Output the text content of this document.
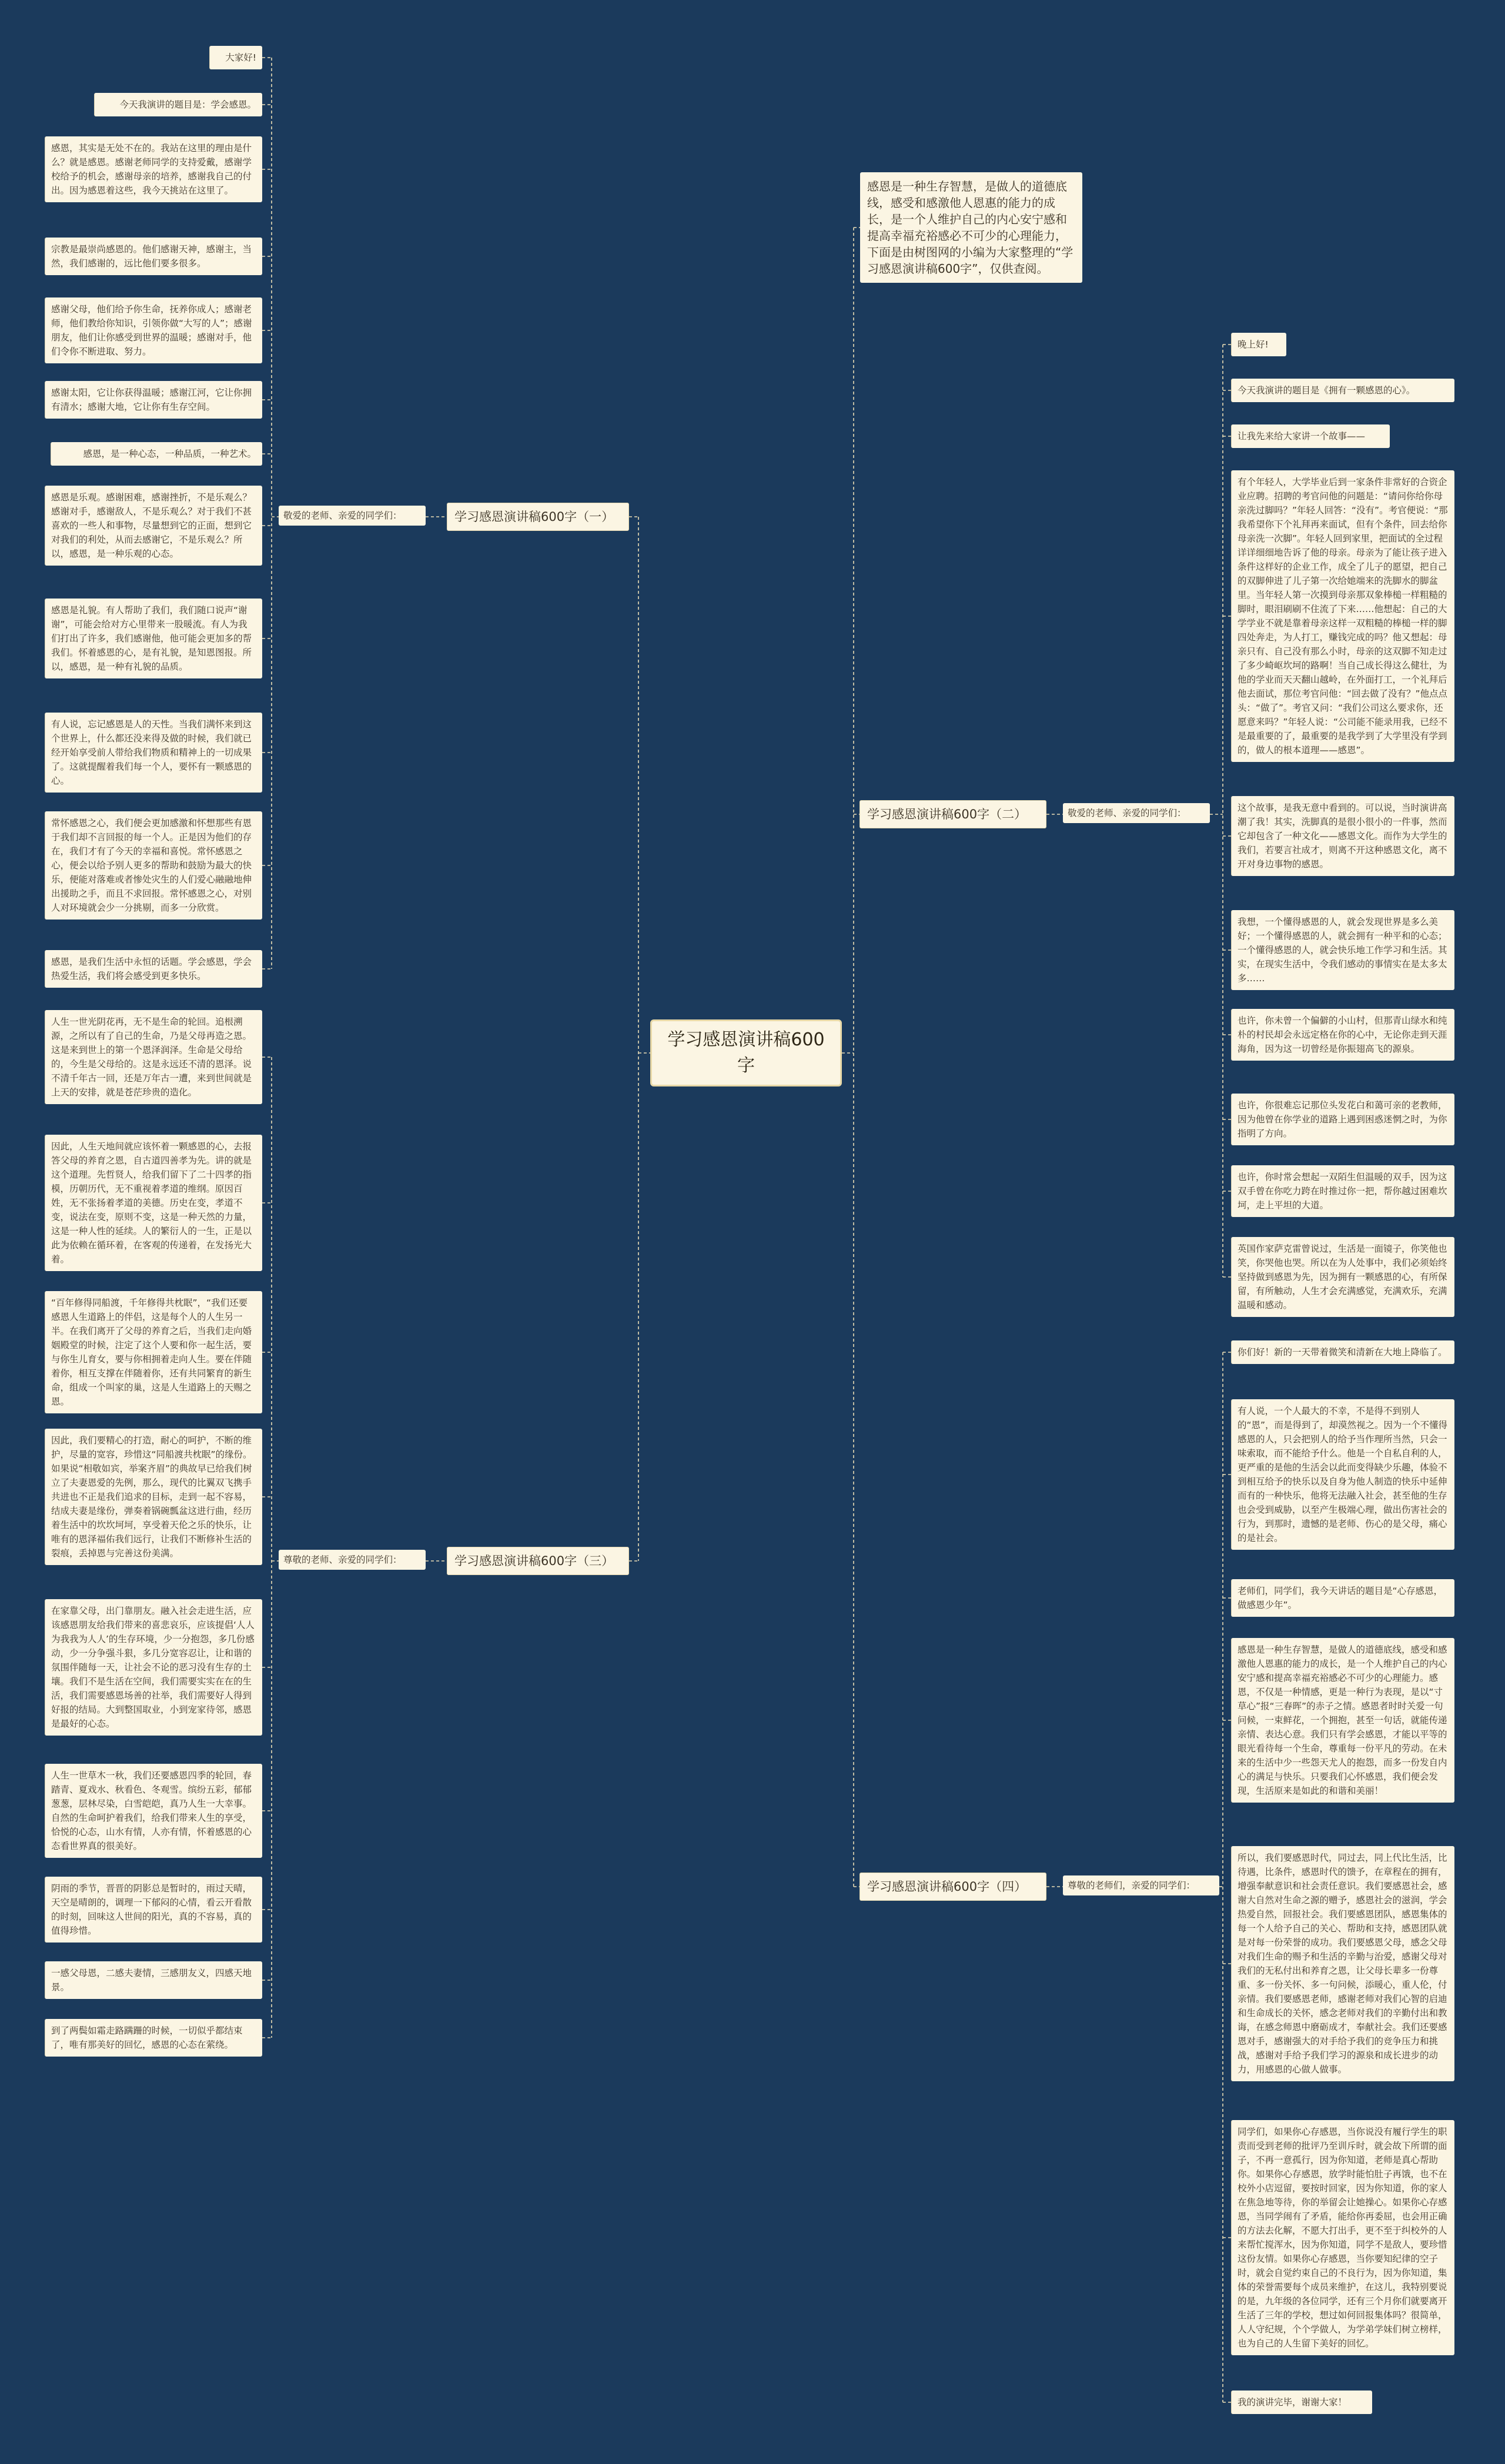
学习感恩演讲稿600字
感恩是一种生存智慧，是做人的道德底线，感受和感激他人恩惠的能力的成长，是一个人维护自己的内心安宁感和提高幸福充裕感必不可少的心理能力，下面是由树图网的小编为大家整理的“学习感恩演讲稿600字”，仅供查阅。
学习感恩演讲稿600字（一）
学习感恩演讲稿600字（二）
学习感恩演讲稿600字（三）
学习感恩演讲稿600字（四）
敬爱的老师、亲爱的同学们：
敬爱的老师、亲爱的同学们：
尊敬的老师、亲爱的同学们：
尊敬的老师们，亲爱的同学们：
大家好!
今天我演讲的题目是：学会感恩。
感恩，其实是无处不在的。我站在这里的理由是什么？就是感恩。感谢老师同学的支持爱戴，感谢学校给予的机会，感谢母亲的培养，感谢我自己的付出。因为感恩着这些，我今天挑站在这里了。
宗教是最崇尚感恩的。他们感谢天神，感谢主，当然，我们感谢的，远比他们要多很多。
感谢父母，他们给予你生命，抚养你成人；感谢老师，他们教给你知识，引领你做“大写的人”；感谢朋友，他们让你感受到世界的温暖；感谢对手，他们令你不断进取、努力。
感谢太阳，它让你获得温暖；感谢江河，它让你拥有清水；感谢大地，它让你有生存空间。
感恩，是一种心态，一种品质，一种艺术。
感恩是乐观。感谢困难，感谢挫折，不是乐观么？感谢对手，感谢敌人，不是乐观么？对于我们不甚喜欢的一些人和事物，尽量想到它的正面，想到它对我们的利处，从而去感谢它，不是乐观么？所以，感恩，是一种乐观的心态。
感恩是礼貌。有人帮助了我们，我们随口说声“谢谢”，可能会给对方心里带来一股暖流。有人为我们打出了许多，我们感谢他，他可能会更加多的帮我们。怀着感恩的心，是有礼貌，是知恩图报。所以，感恩，是一种有礼貌的品质。
有人说，忘记感恩是人的天性。当我们满怀来到这个世界上，什么都还没来得及做的时候，我们就已经开始享受前人带给我们物质和精神上的一切成果了。这就提醒着我们每一个人，要怀有一颗感恩的心。
常怀感恩之心，我们便会更加感激和怀想那些有恩于我们却不言回报的每一个人。正是因为他们的存在，我们才有了今天的幸福和喜悦。常怀感恩之心，便会以给予别人更多的帮助和鼓励为最大的快乐，便能对落难或者惨处灾生的人们爱心融融地伸出援助之手，而且不求回报。常怀感恩之心，对别人对环境就会少一分挑剔，而多一分欣赏。
感恩，是我们生活中永恒的话题。学会感恩，学会热爱生活，我们将会感受到更多快乐。
人生一世光阴花再，无不是生命的轮回。追根溯源，之所以有了自己的生命，乃是父母再造之恩。这是来到世上的第一个恩泽润泽。生命是父母给的，今生是父母给的。这是永远还不清的恩泽。说不清千年古一回，还是万年古一遭，来到世间就是上天的安排，就是苍茫珍贵的造化。
因此，人生天地间就应该怀着一颗感恩的心，去报答父母的养育之恩，自古道四善孝为先。讲的就是这个道理。先哲贤人，给我们留下了二十四孝的指模，历朝历代，无不重视着孝道的维纲。原因百姓，无不张扬着孝道的美德。历史在变，孝道不变，说法在变，原则不变，这是一种天然的力量，这是一种人性的延续。人的繁衍人的一生，正是以此为依赖在循环着，在客观的传递着，在发扬光大着。
“百年修得同船渡，千年修得共枕眠”，“我们还要感恩人生道路上的伴侣，这是每个人的人生另一半。在我们离开了父母的养育之后，当我们走向婚姻殿堂的时候，注定了这个人要和你一起生活，要与你生儿育女，要与你相拥着走向人生。要在伴随着你，相互支撑在伴随着你，还有共同繁育的新生命，组成一个叫家的巢，这是人生道路上的天赐之恩。
因此，我们要精心的打造，耐心的呵护，不断的维护，尽量的宽容，珍惜这“同船渡共枕眠”的缘份。如果说“相敬如宾，举案齐眉”的典故早已给我们树立了夫妻恩爱的先例，那么，现代的比翼双飞携手共进也不正是我们追求的目标，走到一起不容易，结成夫妻是缘份，弹奏着锅碗瓢盆这进行曲，经历着生活中的坎坎坷坷，享受着天伦之乐的快乐，让唯有的恩泽福佑我们远行，让我们不断修补生活的裂痕，丢掉恩与完善这份美满。
在家靠父母，出门靠朋友。融入社会走进生活，应该感恩朋友给我们带来的喜悲哀乐，应该提倡‘人人为我我为人人’的生存环境，少一分抱怨，多几份感动，少一分争强斗狠，多几分宽容忍让，让和谐的氛围伴随每一天，让社会不论的恶习没有生存的土壤。我们不是生活在空间，我们需要实实在在的生活，我们需要感恩场善的社举，我们需要好人得到好报的结局。大到整国取业，小到宠家待邻，感恩是最好的心态。
人生一世草木一秋，我们还要感恩四季的轮回，春踏青、夏戏水、秋看色、冬观雪。缤纷五彩，郁郁葱葱，层林尽染，白雪皑皑，真乃人生一大幸事。自然的生命呵护着我们，给我们带来人生的享受，恰悦的心态，山水有情，人亦有情，怀着感恩的心态看世界真的很美好。
阴雨的季节，晋晋的阴影总是暂时的，雨过天晴，天空是晴朗的，调理一下郁闷的心情，看云开看散的时刻，回味这人世间的阳光，真的不容易，真的值得珍惜。
一感父母恩，二感夫妻情，三感朋友义，四感天地景。
到了两鬓如霜走路蹒跚的时候，一切似乎都结束了，唯有那美好的回忆，感恩的心态在萦绕。
晚上好!
今天我演讲的题目是《拥有一颗感恩的心》。
让我先来给大家讲一个故事——
有个年轻人，大学毕业后到一家条件非常好的合资企业应聘。招聘的考官问他的问题是：“请问你给你母亲洗过脚吗？”年轻人回答：“没有”。考官便说：“那我希望你下个礼拜再来面试，但有个条件，回去给你母亲洗一次脚”。年轻人回到家里，把面试的全过程详详细细地告诉了他的母亲。母亲为了能让孩子进入条件这样好的企业工作，成全了儿子的愿望，把自己的双脚伸进了儿子第一次给她端来的洗脚水的脚盆里。当年轻人第一次摸到母亲那双象棒槌一样粗糙的脚时，眼泪刷刷不住流了下来……他想起：自己的大学学业不就是靠着母亲这样一双粗糙的棒槌一样的脚四处奔走，为人打工，赚钱完成的吗？他又想起：母亲只有、自己没有那么小时，母亲的这双脚不知走过了多少崎岖坎坷的路啊！当自己成长得这么健壮，为他的学业而天天翻山越岭，在外面打工，一个礼拜后他去面试，那位考官问他：“回去做了没有？”他点点头：“做了”。考官又问：“我们公司这么要求你，还愿意来吗？”年轻人说：“公司能不能录用我，已经不是最重要的了，最重要的是我学到了大学里没有学到的，做人的根本道理——感恩”。
这个故事，是我无意中看到的。可以说，当时演讲高潮了我！其实，洗脚真的是很小很小的一件事，然而它却包含了一种文化——感恩文化。而作为大学生的我们，若要言社成才，则离不开这种感恩文化，离不开对身边事物的感恩。
我想，一个懂得感恩的人，就会发现世界是多么美好；一个懂得感恩的人，就会拥有一种平和的心态；一个懂得感恩的人，就会快乐地工作学习和生活。其实，在现实生活中，令我们感动的事情实在是太多太多……
也许，你未曾一个偏僻的小山村，但那青山绿水和纯朴的村民却会永远定格在你的心中，无论你走到天涯海角，因为这一切曾经是你振翅高飞的源泉。
也许，你很难忘记那位头发花白和蔼可亲的老教师，因为他曾在你学业的道路上遇到困惑迷惘之时，为你指明了方向。
也许，你时常会想起一双陌生但温暖的双手，因为这双手曾在你吃力跨在时推过你一把，帮你越过困难坎坷，走上平坦的大道。
英国作家萨克雷曾说过，生活是一面镜子，你笑他也笑，你哭他也哭。所以在为人处事中，我们必须始终坚持做到感恩为先，因为拥有一颗感恩的心，有所保留，有所触动，人生才会充满感觉，充满欢乐，充满温暖和感动。
你们好！新的一天带着微笑和清新在大地上降临了。
有人说，一个人最大的不幸，不是得不到别人的“恩”，而是得到了，却漠然视之。因为一个不懂得感恩的人，只会把别人的给予当作理所当然，只会一味索取，而不能给予什么。他是一个自私自利的人，更严重的是他的生活会以此而变得缺少乐趣，体验不到相互给予的快乐以及自身为他人制造的快乐中延伸而有的一种快乐，他将无法融入社会，甚至他的生存也会受到威胁，以至产生极端心理，做出伤害社会的行为，到那时，遗憾的是老师、伤心的是父母，痛心的是社会。
老师们，同学们，我今天讲话的题目是“心存感恩，做感恩少年”。
感恩是一种生存智慧，是做人的道德底线，感受和感激他人恩惠的能力的成长，是一个人维护自己的内心安宁感和提高幸福充裕感必不可少的心理能力。感恩，不仅是一种情感，更是一种行为表现，是以“寸草心”报“三春晖”的赤子之情。感恩者时时关爱一句问候，一束鲜花，一个拥抱，甚至一句话，就能传递亲情、表达心意。我们只有学会感恩，才能以平等的眼光看待每一个生命，尊重每一份平凡的劳动。在未来的生活中少一些怨天尤人的抱怨，而多一份发自内心的满足与快乐。只要我们心怀感恩，我们便会发现，生活原来是如此的和谐和美丽！
所以，我们要感恩时代，同过去，同上代比生活，比待遇，比条件，感恩时代的馈予，在章程在的拥有，增强奉献意识和社会责任意识。我们要感恩社会，感谢大自然对生命之源的赠予，感恩社会的滋润，学会热爱自然，回报社会。我们要感恩团队，感恩集体的每一个人给予自己的关心、帮助和支持，感恩团队就是对每一份荣誉的成功。我们要感恩父母，感念父母对我们生命的赐予和生活的辛勤与治爱，感谢父母对我们的无私付出和养育之恩，让父母长辈多一份尊重、多一份关怀、多一句问候，添暖心，重人伦，付亲情。我们要感恩老师，感谢老师对我们心智的启迪和生命成长的关怀，感念老师对我们的辛勤付出和教诲，在感念师恩中磨砺成才，奉献社会。我们还要感恩对手，感谢强大的对手给予我们的竞争压力和挑战，感谢对手给予我们学习的源泉和成长进步的动力，用感恩的心做人做事。
同学们，如果你心存感恩，当你说没有履行学生的职责而受到老师的批评乃至训斥时，就会故下所谓的面子，不再一意孤行，因为你知道，老师是真心帮助你。如果你心存感恩，放学时能怕肚子再饿，也不在校外小店逗留，要按时回家，因为你知道，你的家人在焦急地等待，你的举留会让她操心。如果你心存感恩，当同学闹有了矛盾，能给你再委屈，也会用正确的方法去化解，不愿大打出手，更不至于纠校外的人来帮忙搅浑水，因为你知道，同学不是敌人，要珍惜这份友情。如果你心存感恩，当你要知纪律的空子时，就会自觉约束自己的不良行为，因为你知道，集体的荣誉需要每个成员来维护，在这儿，我特别要说的是，九年级的各位同学，还有三个月你们就要离开生活了三年的学校，想过如何回报集体吗？很简单，人人守纪规，个个学做人，为学弟学妹们树立榜样，也为自己的人生留下美好的回忆。
我的演讲完毕，谢谢大家！
